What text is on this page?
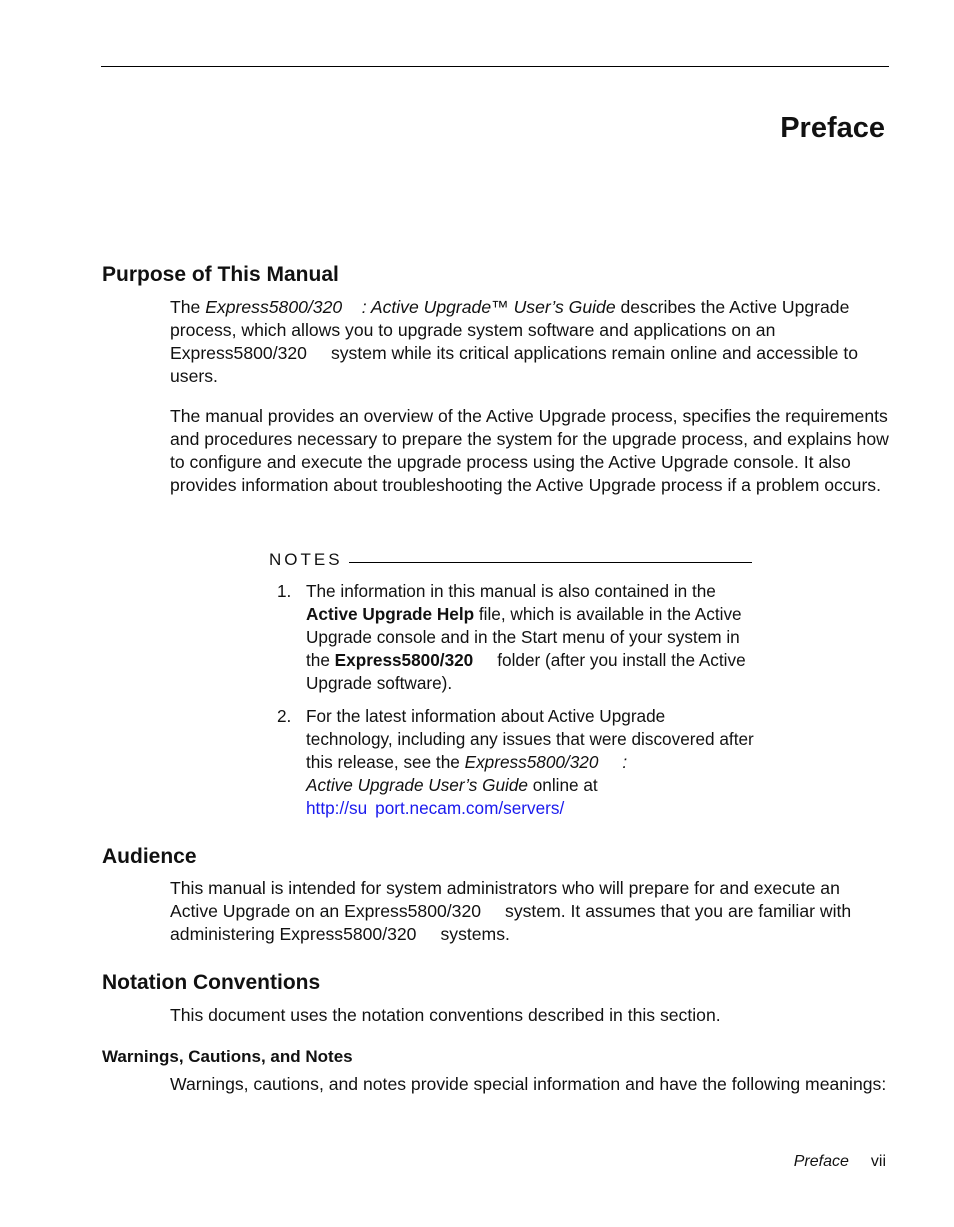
Preface
Purpose of This Manual

The Express5800/320    : Active Upgrade™ User’s Guide describes the Active Upgrade process, which allows you to upgrade system software and applications on an Express5800/320 system while its critical applications remain online and accessible to users.

The manual provides an overview of the Active Upgrade process, specifies the requirements and procedures necessary to prepare the system for the upgrade process, and explains how to configure and execute the upgrade process using the Active Upgrade console. It also provides information about troubleshooting the Active Upgrade process if a problem occurs.

NOTES
1. The information in this manual is also contained in the Active Upgrade Help file, which is available in the Active Upgrade console and in the Start menu of your system in the Express5800/320 folder (after you install the Active Upgrade software).

2. For the latest information about Active Upgrade technology, including any issues that were discovered after this release, see the Express5800/320 :
Active Upgrade User’s Guide online at
http://su port.necam.com/servers/

Audience

This manual is intended for system administrators who will prepare for and execute an Active Upgrade on an Express5800/320 system. It assumes that you are familiar with administering Express5800/320 systems.

Notation Conventions

This document uses the notation conventions described in this section.

Warnings, Cautions, and Notes

Warnings, cautions, and notes provide special information and have the following meanings:

Preface vii
